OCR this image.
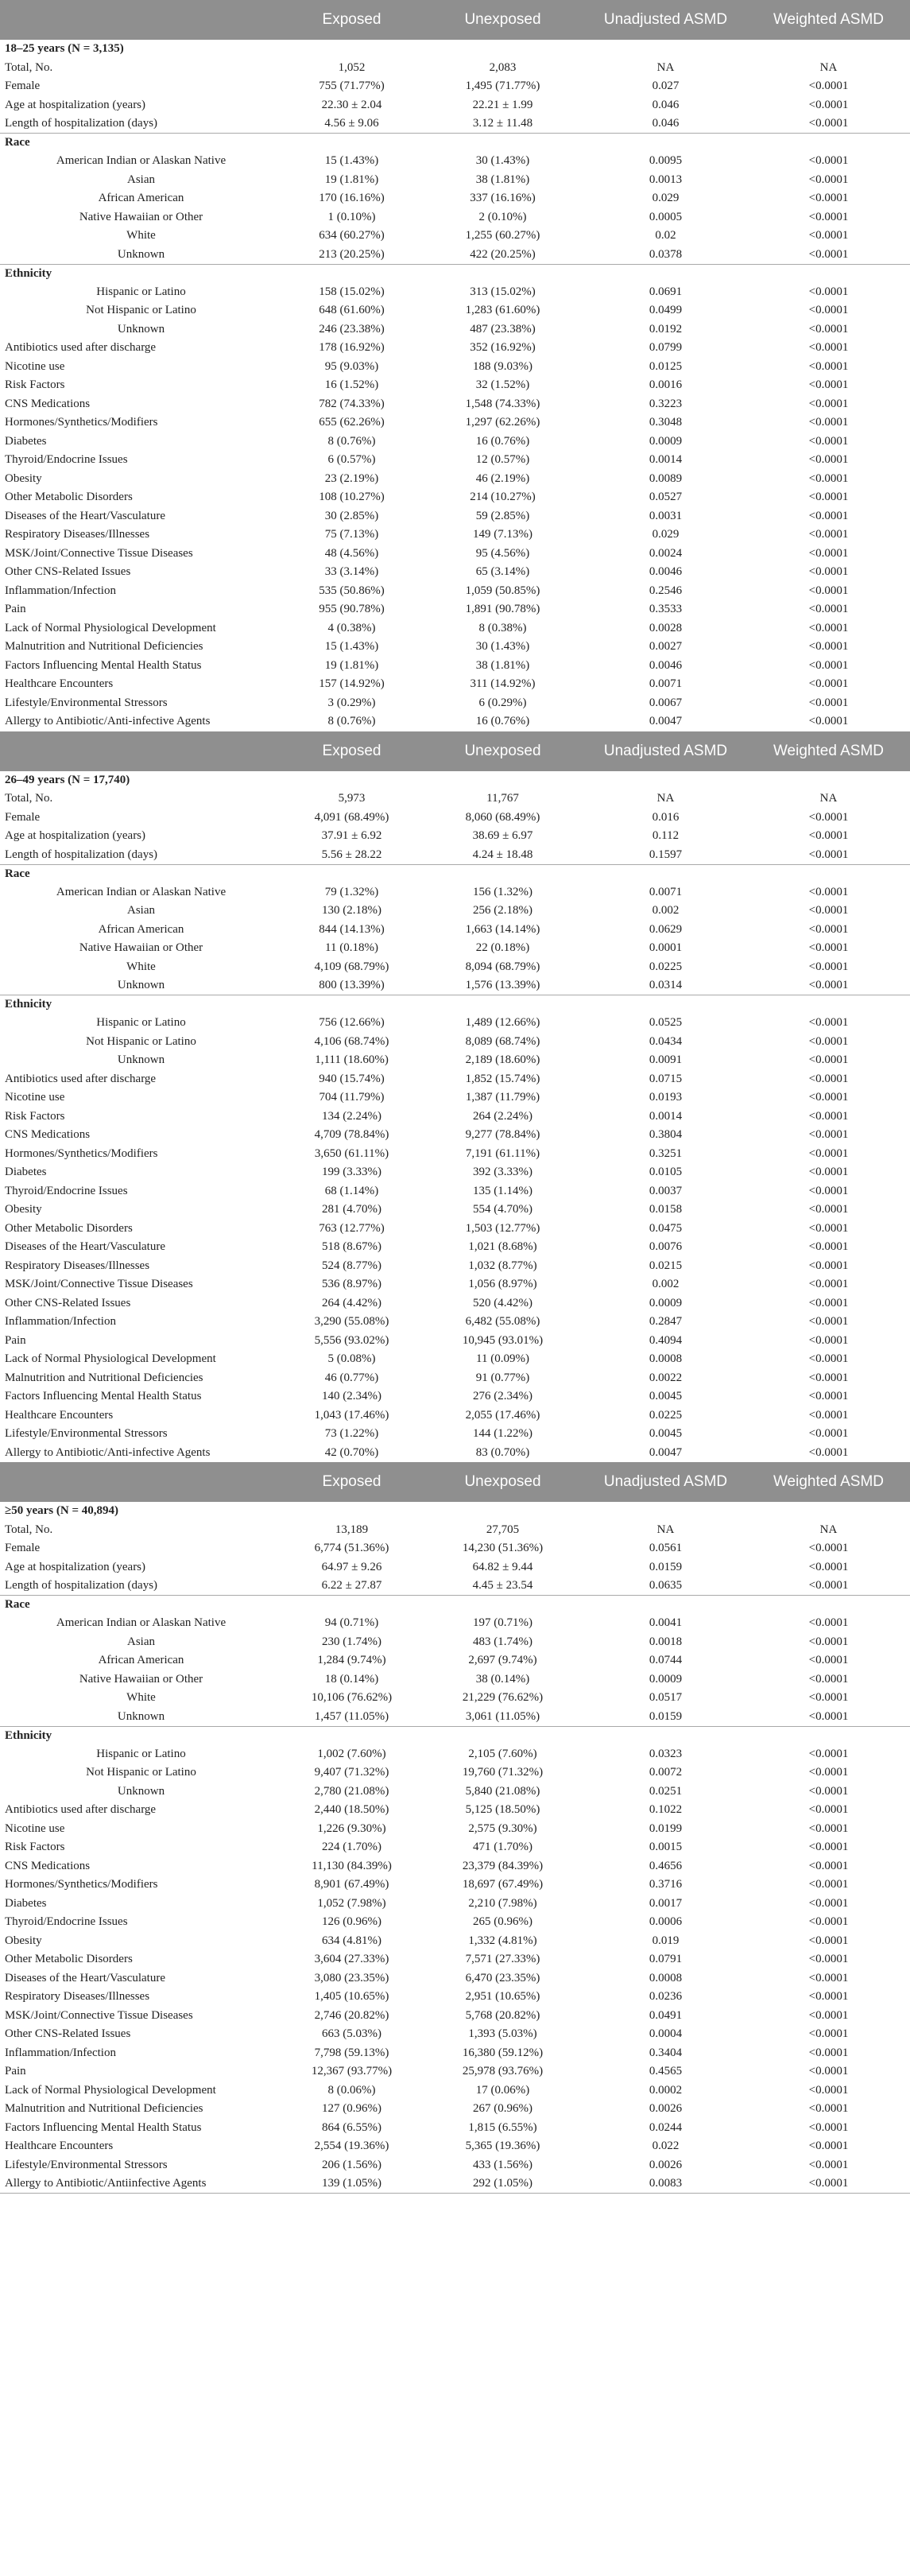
	Exposed	Unexposed	Unadjusted ASMD	Weighted ASMD
18–25 years (N = 3,135)				
Total, No.	1,052	2,083	NA	NA
Female	755 (71.77%)	1,495 (71.77%)	0.027	<0.0001
Age at hospitalization (years)	22.30 ± 2.04	22.21 ± 1.99	0.046	<0.0001
Length of hospitalization (days)	4.56 ± 9.06	3.12 ± 11.48	0.046	<0.0001
Race				
American Indian or Alaskan Native	15 (1.43%)	30 (1.43%)	0.0095	<0.0001
Asian	19 (1.81%)	38 (1.81%)	0.0013	<0.0001
African American	170 (16.16%)	337 (16.16%)	0.029	<0.0001
Native Hawaiian or Other	1 (0.10%)	2 (0.10%)	0.0005	<0.0001
White	634 (60.27%)	1,255 (60.27%)	0.02	<0.0001
Unknown	213 (20.25%)	422 (20.25%)	0.0378	<0.0001
Ethnicity				
Hispanic or Latino	158 (15.02%)	313 (15.02%)	0.0691	<0.0001
Not Hispanic or Latino	648 (61.60%)	1,283 (61.60%)	0.0499	<0.0001
Unknown	246 (23.38%)	487 (23.38%)	0.0192	<0.0001
Antibiotics used after discharge	178 (16.92%)	352 (16.92%)	0.0799	<0.0001
Nicotine use	95 (9.03%)	188 (9.03%)	0.0125	<0.0001
Risk Factors	16 (1.52%)	32 (1.52%)	0.0016	<0.0001
CNS Medications	782 (74.33%)	1,548 (74.33%)	0.3223	<0.0001
Hormones/Synthetics/Modifiers	655 (62.26%)	1,297 (62.26%)	0.3048	<0.0001
Diabetes	8 (0.76%)	16 (0.76%)	0.0009	<0.0001
Thyroid/Endocrine Issues	6 (0.57%)	12 (0.57%)	0.0014	<0.0001
Obesity	23 (2.19%)	46 (2.19%)	0.0089	<0.0001
Other Metabolic Disorders	108 (10.27%)	214 (10.27%)	0.0527	<0.0001
Diseases of the Heart/Vasculature	30 (2.85%)	59 (2.85%)	0.0031	<0.0001
Respiratory Diseases/Illnesses	75 (7.13%)	149 (7.13%)	0.029	<0.0001
MSK/Joint/Connective Tissue Diseases	48 (4.56%)	95 (4.56%)	0.0024	<0.0001
Other CNS-Related Issues	33 (3.14%)	65 (3.14%)	0.0046	<0.0001
Inflammation/Infection	535 (50.86%)	1,059 (50.85%)	0.2546	<0.0001
Pain	955 (90.78%)	1,891 (90.78%)	0.3533	<0.0001
Lack of Normal Physiological Development	4 (0.38%)	8 (0.38%)	0.0028	<0.0001
Malnutrition and Nutritional Deficiencies	15 (1.43%)	30 (1.43%)	0.0027	<0.0001
Factors Influencing Mental Health Status	19 (1.81%)	38 (1.81%)	0.0046	<0.0001
Healthcare Encounters	157 (14.92%)	311 (14.92%)	0.0071	<0.0001
Lifestyle/Environmental Stressors	3 (0.29%)	6 (0.29%)	0.0067	<0.0001
Allergy to Antibiotic/Anti-infective Agents	8 (0.76%)	16 (0.76%)	0.0047	<0.0001
	Exposed	Unexposed	Unadjusted ASMD	Weighted ASMD
26–49 years (N = 17,740)				
Total, No.	5,973	11,767	NA	NA
Female	4,091 (68.49%)	8,060 (68.49%)	0.016	<0.0001
Age at hospitalization (years)	37.91 ± 6.92	38.69 ± 6.97	0.112	<0.0001
Length of hospitalization (days)	5.56 ± 28.22	4.24 ± 18.48	0.1597	<0.0001
Race				
American Indian or Alaskan Native	79 (1.32%)	156 (1.32%)	0.0071	<0.0001
Asian	130 (2.18%)	256 (2.18%)	0.002	<0.0001
African American	844 (14.13%)	1,663 (14.14%)	0.0629	<0.0001
Native Hawaiian or Other	11 (0.18%)	22 (0.18%)	0.0001	<0.0001
White	4,109 (68.79%)	8,094 (68.79%)	0.0225	<0.0001
Unknown	800 (13.39%)	1,576 (13.39%)	0.0314	<0.0001
Ethnicity				
Hispanic or Latino	756 (12.66%)	1,489 (12.66%)	0.0525	<0.0001
Not Hispanic or Latino	4,106 (68.74%)	8,089 (68.74%)	0.0434	<0.0001
Unknown	1,111 (18.60%)	2,189 (18.60%)	0.0091	<0.0001
Antibiotics used after discharge	940 (15.74%)	1,852 (15.74%)	0.0715	<0.0001
Nicotine use	704 (11.79%)	1,387 (11.79%)	0.0193	<0.0001
Risk Factors	134 (2.24%)	264 (2.24%)	0.0014	<0.0001
CNS Medications	4,709 (78.84%)	9,277 (78.84%)	0.3804	<0.0001
Hormones/Synthetics/Modifiers	3,650 (61.11%)	7,191 (61.11%)	0.3251	<0.0001
Diabetes	199 (3.33%)	392 (3.33%)	0.0105	<0.0001
Thyroid/Endocrine Issues	68 (1.14%)	135 (1.14%)	0.0037	<0.0001
Obesity	281 (4.70%)	554 (4.70%)	0.0158	<0.0001
Other Metabolic Disorders	763 (12.77%)	1,503 (12.77%)	0.0475	<0.0001
Diseases of the Heart/Vasculature	518 (8.67%)	1,021 (8.68%)	0.0076	<0.0001
Respiratory Diseases/Illnesses	524 (8.77%)	1,032 (8.77%)	0.0215	<0.0001
MSK/Joint/Connective Tissue Diseases	536 (8.97%)	1,056 (8.97%)	0.002	<0.0001
Other CNS-Related Issues	264 (4.42%)	520 (4.42%)	0.0009	<0.0001
Inflammation/Infection	3,290 (55.08%)	6,482 (55.08%)	0.2847	<0.0001
Pain	5,556 (93.02%)	10,945 (93.01%)	0.4094	<0.0001
Lack of Normal Physiological Development	5 (0.08%)	11 (0.09%)	0.0008	<0.0001
Malnutrition and Nutritional Deficiencies	46 (0.77%)	91 (0.77%)	0.0022	<0.0001
Factors Influencing Mental Health Status	140 (2.34%)	276 (2.34%)	0.0045	<0.0001
Healthcare Encounters	1,043 (17.46%)	2,055 (17.46%)	0.0225	<0.0001
Lifestyle/Environmental Stressors	73 (1.22%)	144 (1.22%)	0.0045	<0.0001
Allergy to Antibiotic/Anti-infective Agents	42 (0.70%)	83 (0.70%)	0.0047	<0.0001
	Exposed	Unexposed	Unadjusted ASMD	Weighted ASMD
≥50 years (N = 40,894)				
Total, No.	13,189	27,705	NA	NA
Female	6,774 (51.36%)	14,230 (51.36%)	0.0561	<0.0001
Age at hospitalization (years)	64.97 ± 9.26	64.82 ± 9.44	0.0159	<0.0001
Length of hospitalization (days)	6.22 ± 27.87	4.45 ± 23.54	0.0635	<0.0001
Race				
American Indian or Alaskan Native	94 (0.71%)	197 (0.71%)	0.0041	<0.0001
Asian	230 (1.74%)	483 (1.74%)	0.0018	<0.0001
African American	1,284 (9.74%)	2,697 (9.74%)	0.0744	<0.0001
Native Hawaiian or Other	18 (0.14%)	38 (0.14%)	0.0009	<0.0001
White	10,106 (76.62%)	21,229 (76.62%)	0.0517	<0.0001
Unknown	1,457 (11.05%)	3,061 (11.05%)	0.0159	<0.0001
Ethnicity				
Hispanic or Latino	1,002 (7.60%)	2,105 (7.60%)	0.0323	<0.0001
Not Hispanic or Latino	9,407 (71.32%)	19,760 (71.32%)	0.0072	<0.0001
Unknown	2,780 (21.08%)	5,840 (21.08%)	0.0251	<0.0001
Antibiotics used after discharge	2,440 (18.50%)	5,125 (18.50%)	0.1022	<0.0001
Nicotine use	1,226 (9.30%)	2,575 (9.30%)	0.0199	<0.0001
Risk Factors	224 (1.70%)	471 (1.70%)	0.0015	<0.0001
CNS Medications	11,130 (84.39%)	23,379 (84.39%)	0.4656	<0.0001
Hormones/Synthetics/Modifiers	8,901 (67.49%)	18,697 (67.49%)	0.3716	<0.0001
Diabetes	1,052 (7.98%)	2,210 (7.98%)	0.0017	<0.0001
Thyroid/Endocrine Issues	126 (0.96%)	265 (0.96%)	0.0006	<0.0001
Obesity	634 (4.81%)	1,332 (4.81%)	0.019	<0.0001
Other Metabolic Disorders	3,604 (27.33%)	7,571 (27.33%)	0.0791	<0.0001
Diseases of the Heart/Vasculature	3,080 (23.35%)	6,470 (23.35%)	0.0008	<0.0001
Respiratory Diseases/Illnesses	1,405 (10.65%)	2,951 (10.65%)	0.0236	<0.0001
MSK/Joint/Connective Tissue Diseases	2,746 (20.82%)	5,768 (20.82%)	0.0491	<0.0001
Other CNS-Related Issues	663 (5.03%)	1,393 (5.03%)	0.0004	<0.0001
Inflammation/Infection	7,798 (59.13%)	16,380 (59.12%)	0.3404	<0.0001
Pain	12,367 (93.77%)	25,978 (93.76%)	0.4565	<0.0001
Lack of Normal Physiological Development	8 (0.06%)	17 (0.06%)	0.0002	<0.0001
Malnutrition and Nutritional Deficiencies	127 (0.96%)	267 (0.96%)	0.0026	<0.0001
Factors Influencing Mental Health Status	864 (6.55%)	1,815 (6.55%)	0.0244	<0.0001
Healthcare Encounters	2,554 (19.36%)	5,365 (19.36%)	0.022	<0.0001
Lifestyle/Environmental Stressors	206 (1.56%)	433 (1.56%)	0.0026	<0.0001
Allergy to Antibiotic/Antiinfective Agents	139 (1.05%)	292 (1.05%)	0.0083	<0.0001
